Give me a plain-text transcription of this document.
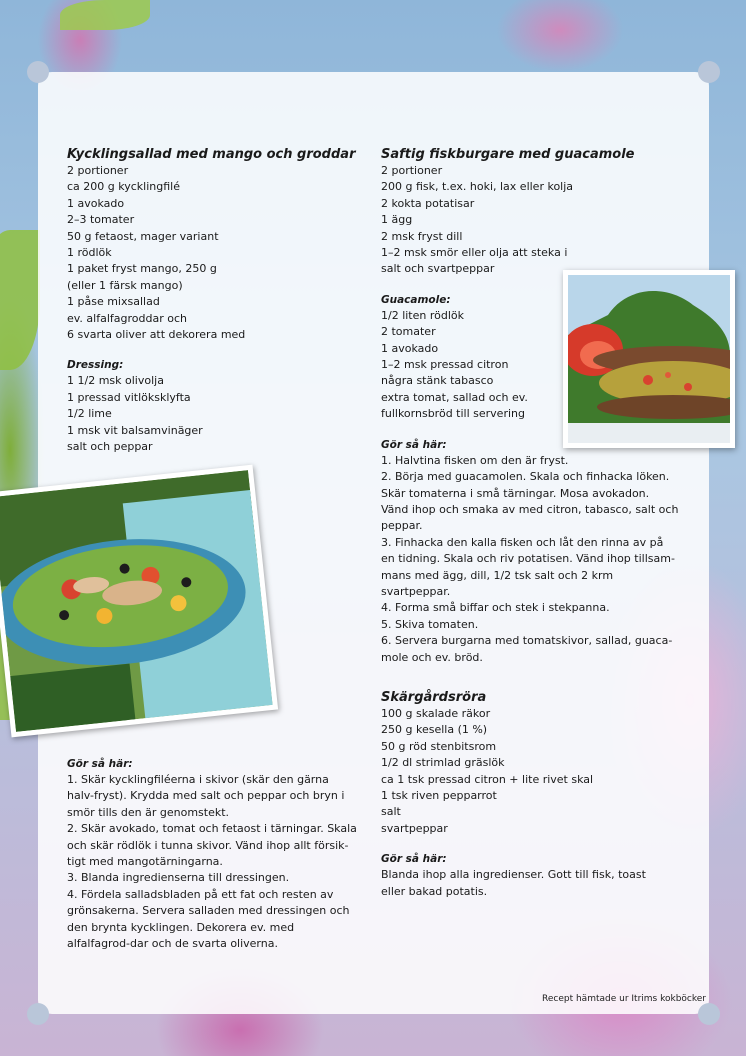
Kycklingsallad med mango och groddar

2 portioner
ca 200 g kycklingfilé
1 avokado
2–3 tomater
50 g fetaost, mager variant
1 rödlök
1 paket fryst mango, 250 g
(eller 1 färsk mango)
1 påse mixsallad
ev. alfalfagroddar och
6 svarta oliver att dekorera med

Dressing:

1 1/2 msk olivolja
1 pressad vitlöksklyfta
1/2 lime
1 msk vit balsamvinäger
salt och peppar

Gör så här:

1. Skär kycklingfiléerna i skivor (skär den gärna halv-fryst). Krydda med salt och peppar och bryn i smör tills den är genomstekt.
2. Skär avokado, tomat och fetaost i tärningar. Skala och skär rödlök i tunna skivor. Vänd ihop allt försik-tigt med mangotärningarna.
3. Blanda ingredienserna till dressingen.
4. Fördela salladsbladen på ett fat och resten av grönsakerna. Servera salladen med dressingen och den brynta kycklingen. Dekorera ev. med alfalfagrod-dar och de svarta oliverna.

Saftig fiskburgare med guacamole

2 portioner
200 g fisk, t.ex. hoki, lax eller kolja
2 kokta potatisar
1 ägg
2 msk fryst dill
1–2 msk smör eller olja att steka i
salt och svartpeppar

Guacamole:

1/2 liten rödlök
2 tomater
1 avokado
1–2 msk pressad citron
några stänk tabasco
extra tomat, sallad och ev.
fullkornsbröd till servering

Gör så här:

1. Halvtina fisken om den är fryst.
2. Börja med guacamolen. Skala och finhacka löken. Skär tomaterna i små tärningar. Mosa avokadon. Vänd ihop och smaka av med citron, tabasco, salt och peppar.
3. Finhacka den kalla fisken och låt den rinna av på en tidning. Skala och riv potatisen. Vänd ihop tillsam-mans med ägg, dill, 1/2 tsk salt och 2 krm svartpeppar.
4. Forma små biffar och stek i stekpanna.
5. Skiva tomaten.
6. Servera burgarna med tomatskivor, sallad, guaca-mole och ev. bröd.

Skärgårdsröra

100 g skalade räkor
250 g kesella (1 %)
50 g röd stenbitsrom
1/2 dl strimlad gräslök
ca 1 tsk pressad citron + lite rivet skal
1 tsk riven pepparrot
salt
svartpeppar

Gör så här:

Blanda ihop alla ingredienser. Gott till fisk, toast eller bakad potatis.

Recept hämtade ur Itrims kokböcker
